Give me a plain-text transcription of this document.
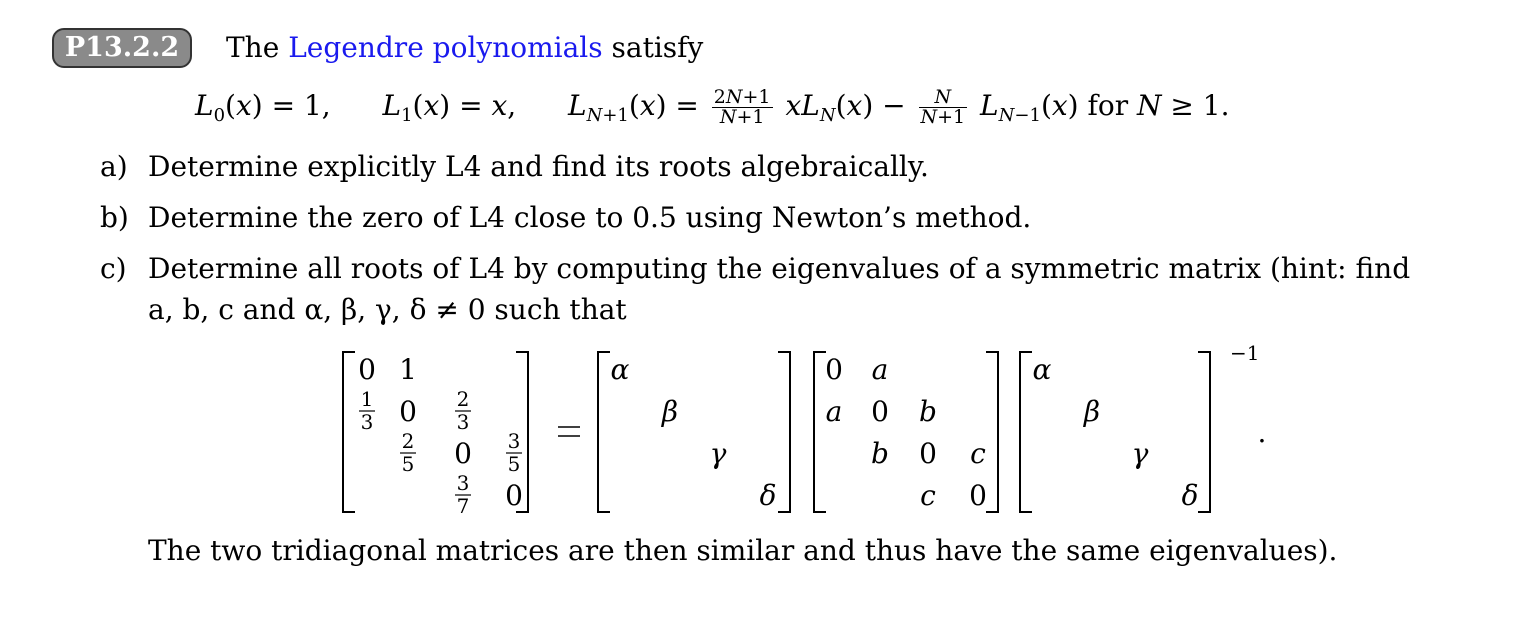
P13.2.2	The Legendre polynomials satisfy
$L_0(x) = 1$, $L_1(x) = x$, $L_{N+1}(x) = \frac{2N+1}{N+1} xL_N(x) - \frac{N}{N+1} L_{N-1}(x)$ for N ≥ 1.
a) Determine explicitly L4 and find its roots algebraically.
b) Determine the zero of L4 close to 0.5 using Newton’s method.
c) Determine all roots of L4 by computing the eigenvalues of a symmetric matrix (hint: find
a, b, c and α, β, γ, δ ≠ 0 such that
0 1
1
3 0 2
3
2
5 0 3
5
3
7 0
α
β
γ
δ
0 a
a 0 b
b 0 c
c 0
α
β
γ
δ
−1
.
The two tridiagonal matrices are then similar and thus have the same eigenvalues).
